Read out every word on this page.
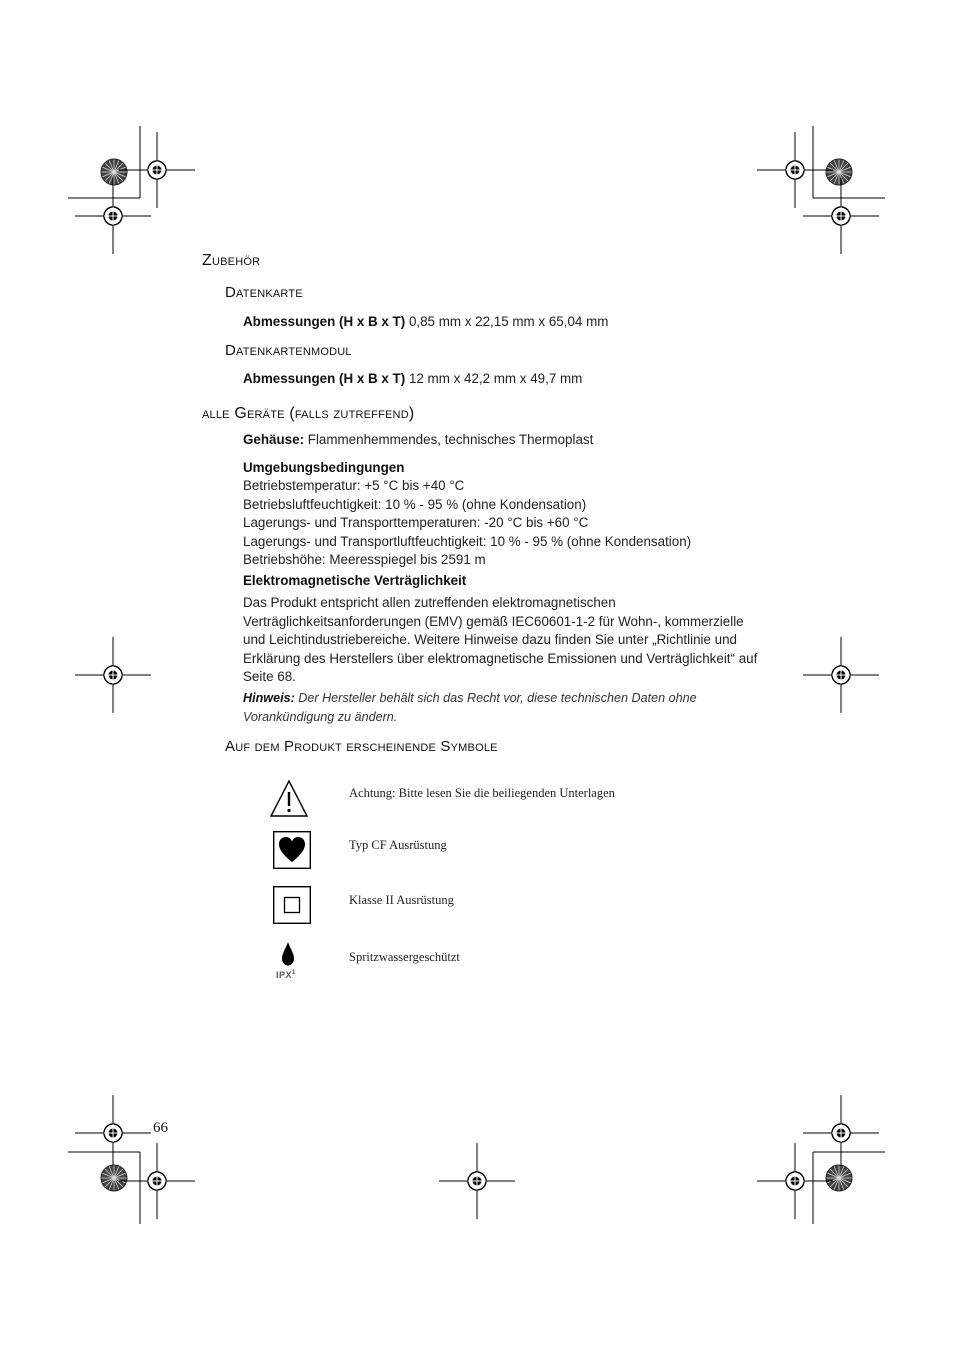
Zubehör
Datenkarte
Abmessungen (H x B x T) 0,85 mm x 22,15 mm x 65,04 mm
Datenkartenmodul
Abmessungen (H x B x T) 12 mm x 42,2 mm x 49,7 mm
alle Geräte (falls zutreffend)
Gehäuse: Flammenhemmendes, technisches Thermoplast
Umgebungsbedingungen
Betriebstemperatur: +5 °C bis +40 °C
Betriebsluftfeuchtigkeit: 10 % - 95 % (ohne Kondensation)
Lagerungs- und Transporttemperaturen: -20 °C bis +60 °C
Lagerungs- und Transportluftfeuchtigkeit: 10 % - 95 % (ohne Kondensation)
Betriebshöhe: Meeresspiegel bis 2591 m
Elektromagnetische Verträglichkeit
Das Produkt entspricht allen zutreffenden elektromagnetischen
Verträglichkeitsanforderungen (EMV) gemäß IEC60601-1-2 für Wohn-, kommerzielle
und Leichtindustriebereiche. Weitere Hinweise dazu finden Sie unter „Richtlinie und
Erklärung des Herstellers über elektromagnetische Emissionen und Verträglichkeit“ auf
Seite 68.
Hinweis: Der Hersteller behält sich das Recht vor, diese technischen Daten ohne
Vorankündigung zu ändern.
Auf dem Produkt erscheinende Symbole
Achtung: Bitte lesen Sie die beiliegenden Unterlagen
Typ CF Ausrüstung
Klasse II Ausrüstung
IPX$^1$
Spritzwassergeschützt
66
